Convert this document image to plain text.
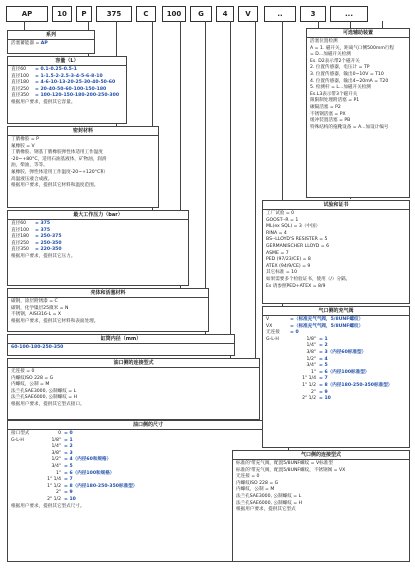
AP	10	P	375	C	100	G	4	V	..	3	...
系列
活塞蓄能器 = AP
容量（L）
直径60	= 0.1-0.25-0.5-1
直径100	= 1-1.5-2-2.5-3-4-5-6-8-10
直径180	= 4-6-10-13-20-25-30-40-50-60
直径250	= 20-40-50-60-100-150-180
直径350	= 100-120-150-180-200-250-300
根据用户要求，提供其它容量。
密封材料
丁腈橡胶 = P
氟橡胶 = V
丁腈橡胶、钢基丁腈橡胶弹性体适用工作温度
-20~+80°C，适用石油基液体，矿物油，润滑
油，柴油，等等。
氟橡胶、弹性体适用工作温度-20~+120°C和
高温液压液合成液。
根据用户要求，提供其它材料和温度范围。
最大工作压力（bar）
直径60	= 375
直径100	= 375
直径180	= 250-375
直径250	= 250-350
直径350	= 220-350
根据用户要求，提供其它压力。
壳体和活塞材料
碳钢，涂层附锈漆 = C
碳钢，化学镍层25微米 = N
不锈钢，AISI316-L = X
根据用户要求，提供其它材料和表面处理。
缸筒内径（mm）
60-100-180-250-350
油口侧的连接型式
无连接 = 0
内螺纹ISO 228 = G
内螺纹，公制 = M
法兰孔SAE3000, 公制螺纹 = L
法兰孔SAE6000, 公制螺纹 = H
根据用户要求，提供其它型式接口。
油口侧的尺寸
接口型式	0 = 0
G-L-H	1/8" = 1
1/4" = 2
3/8" = 3
1/2" = 4（内径60和规格）
3/4" = 5
1" = 6（内径100和规格）
1" 1/4 = 7
1" 1/2 = 8（内径180-250-350标准型）
2" = 9
2" 1/2 = 10
根据用户要求，提供其它型式尺寸。
可选辅助装置
活塞位置检测
A = 1. 磁开关，距离气口侧500mm行程
= D...加磁开关检测
Es. D2表示带2个磁开关
2. 位置传感器，电压计 = TP
3. 位置传感器，输出0~10V = T10
4. 位置传感器，输出4~20mA = T20
5. 检测杆 = L...加磁开关检测
Es.L3表示带3个磁开关
限限制处理附活塞 = P1
碾隔活塞 = P2
不锈钢活塞 = PX
缓冲装置活塞 = PB
特殊结构的拖靴设备 = A...加设计编号
试验和证书
工厂试验 = 0
GOOST--R = 1
ML(ex SQL) = 3（中国）
RINA = 4
BS--LLOYD'S RESISTER = 5
GERMANISCHER LLOYD = 6
ASME = 7
PED (97/23/CE) = 8
ATEX (94/9/CE) = 9
其它标准 = 10
如果需要多个检验证书，使用（/）分隔。
Es 请参照PED+ATEX = 8/9
气口侧的充气阀
V	=（标准充气气阀，5/8UNF螺纹）
VX	=（标准充气气阀，5/8UNF螺纹）
无连接	= 0
G-L-H	1/8" = 1
1/4" = 2
3/8" = 3（内径60标准型）
1/2" = 4
3/4" = 5
1" = 6（内径100标准型）
1" 1/4 = 7
1" 1/2 = 8（内径180-250-350标准型）
2" = 9
2" 1/2 = 10
气口侧的连接型式
标准的'带充气阀，配置5/8UNF螺纹 = V标准型
标准的'带充气阀，配置5/8UNF螺纹，不锈钢阀 = VX
无连接 = 0
内螺纹ISO 228 = G
内螺纹，公制 = M
法兰孔SAE3000, 公制螺纹 = L
法兰孔SAE6000, 公制螺纹 = H
根据用户要求，提供其它型式
